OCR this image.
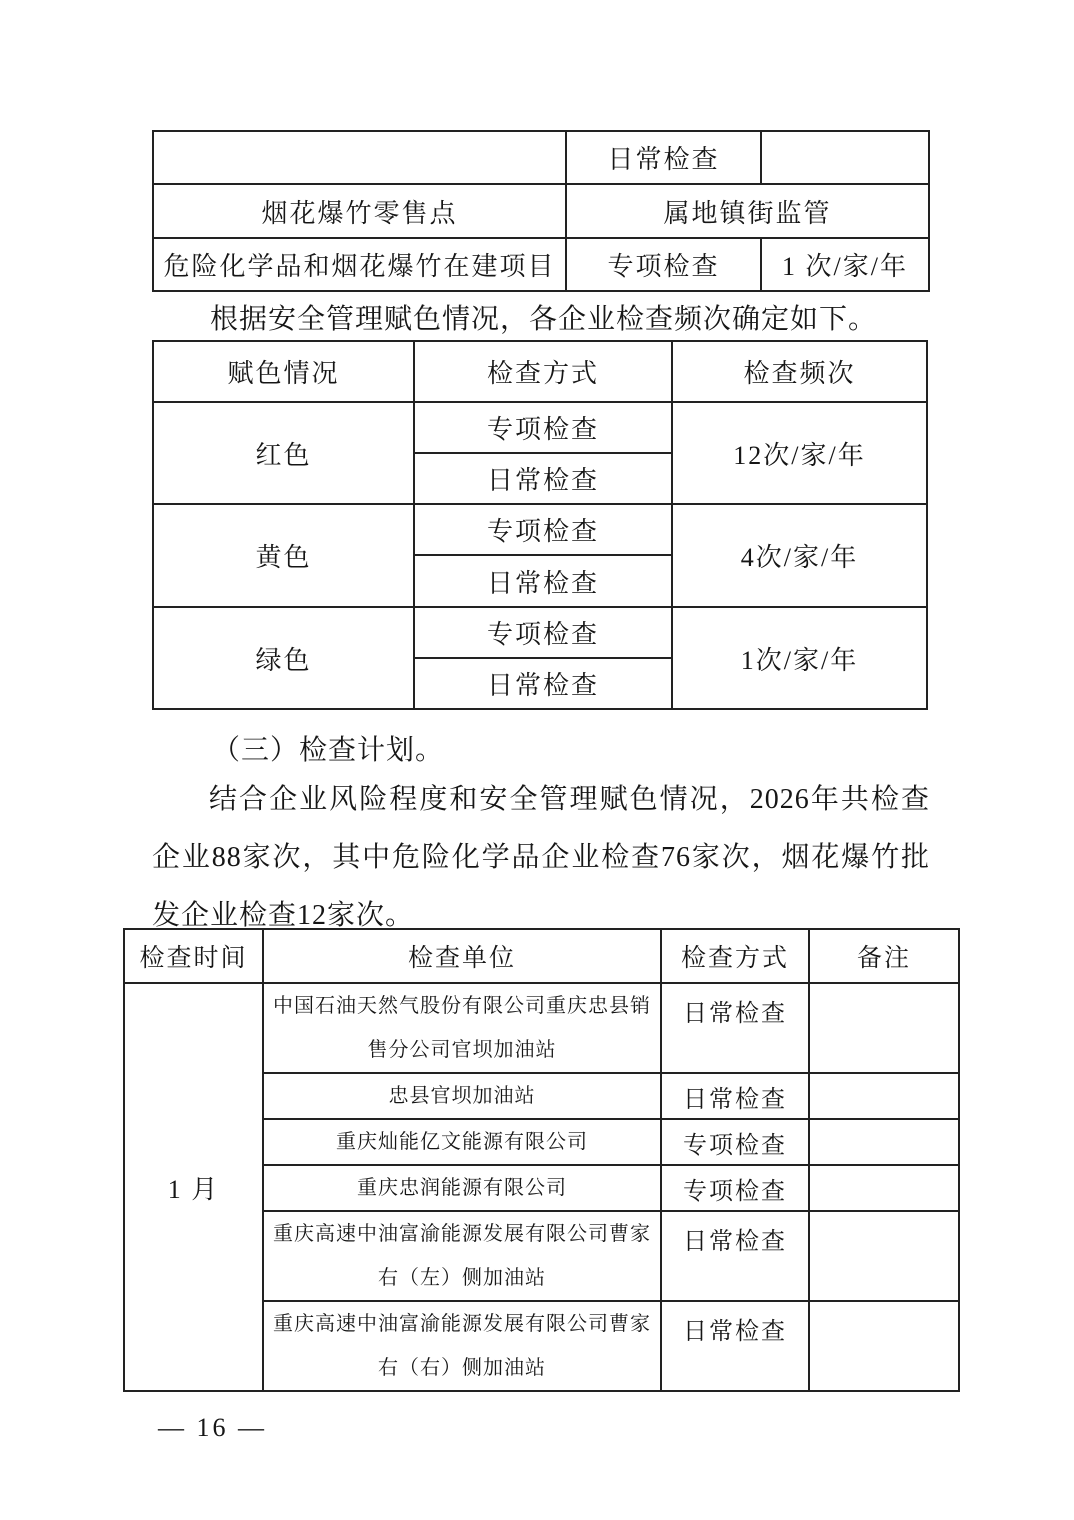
	日常检查	
烟花爆竹零售点	属地镇街监管	
危险化学品和烟花爆竹在建项目	专项检查	1 次/家/年
根据安全管理赋色情况，各企业检查频次确定如下。
赋色情况	检查方式	检查频次
红色	专项检查	12次/家/年
	日常检查	
黄色	专项检查	4次/家/年
	日常检查	
绿色	专项检查	1次/家/年
	日常检查	
（三）检查计划。
结合企业风险程度和安全管理赋色情况，2026年共检查
企业88家次，其中危险化学品企业检查76家次，烟花爆竹批
发企业检查12家次。
检查时间	检查单位	检查方式	备注
1 月	中国石油天然气股份有限公司重庆忠县销
售分公司官坝加油站	日常检查	

	忠县官坝加油站	日常检查	

	重庆灿能亿文能源有限公司	专项检查	

	重庆忠润能源有限公司	专项检查	

	重庆高速中油富渝能源发展有限公司曹家
右（左）侧加油站	日常检查	

	重庆高速中油富渝能源发展有限公司曹家
右（右）侧加油站	日常检查	
— 16 —
